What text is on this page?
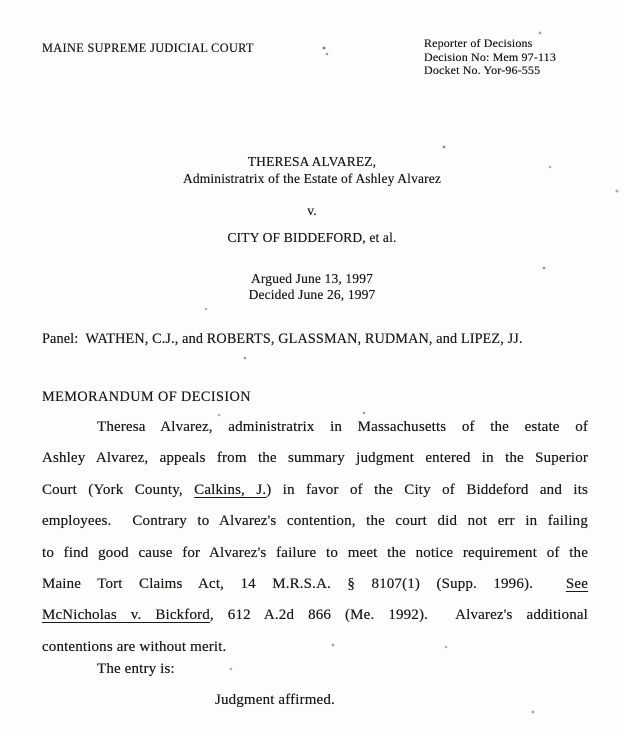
MAINE SUPREME JUDICIAL COURT	Reporter of Decisions
Decision No: Mem 97-113
Docket No. Yor-96-555
THERESA ALVAREZ,
Administratrix of the Estate of Ashley Alvarez
v.
CITY OF BIDDEFORD, et al.
Argued June 13, 1997
Decided June 26, 1997
Panel:  WATHEN, C.J., and ROBERTS, GLASSMAN, RUDMAN, and LIPEZ, JJ.
MEMORANDUM OF DECISION
Theresa Alvarez, administratrix in Massachusetts of the estate of
Ashley Alvarez, appeals from the summary judgment entered in the Superior
Court (York County, Calkins, J.) in favor of the City of Biddeford and its
employees.  Contrary to Alvarez's contention, the court did not err in failing
to find good cause for Alvarez's failure to meet the notice requirement of the
Maine Tort Claims Act, 14 M.R.S.A. § 8107(1) (Supp. 1996).  See
McNicholas v. Bickford, 612 A.2d 866 (Me. 1992).  Alvarez's additional
contentions are without merit.
The entry is:
Judgment affirmed.
